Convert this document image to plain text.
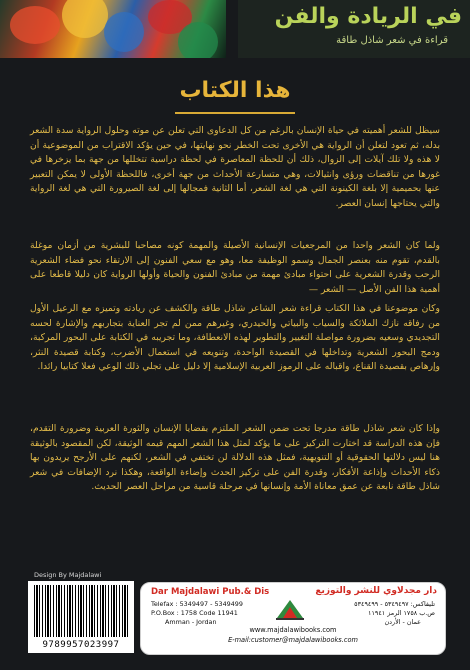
في الريادة والفن
قراءة في شعر شاذل طاقة
هذا الكتاب
سيظل للشعر أهميته في حياة الإنسان بالرغم من كل الدعاوى التي تعلن عن موته وحلول الرواية سدة الشعر بدله، ثم تعود لتعلن أن الرواية هي الأخرى تحت الخطر نحو نهايتها، في حين يؤكد الاقتراب من الموضوعية أن لا هذه ولا تلك آيلات إلى الزوال، ذلك أن للحظة المعاصرة في لحظة دراسية تتخللها من جهة بما يزخرها في غورها من تناقضات ورؤى وانثيالات، وهي متسارعة الأحداث من جهة أخرى، فاللحظة الأولى لا يمكن التعبير عنها بحميمية إلا بلغة الكينونة التي هي لغة الشعر، أما الثانية فمجالها إلى لغة الصيرورة التي هي لغة الرواية والتي يحتاجها إنسان العصر.
ولما كان الشعر واحدا من المرجعيات الإنسانية الأصيلة والمهمة كونه مصاحبا للبشرية من أزمان موغلة بالقدم، تقوم منه بعنصر الجمال وسمو الوظيفة معا، وهو مع سعي الفنون إلى الارتقاء نحو فضاء الشعرية الرحب وقدرة الشعرية على احتواء مبادئ مهمة من مبادئ الفنون والحياة وأولها الرواية كان دليلا قاطعا على أهمية هذا الفن الأصل — الشعر —
وكان موضوعنا في هذا الكتاب قراءة شعر الشاعر شاذل طاقة والكشف عن ريادته وتميزه مع الرعيل الأول من رفاقه نازك الملائكة والسياب والبياتي والحيدري، وغيرهم ممن لم تجر العناية بتجاربهم والإشارة لحسه التجديدي وسعيه بضرورة مواصلة التغيير والتطوير لهذه الانعطافة، وما تجريبه في الكتابة على البحور المركبة، ودمج البحور الشعرية وتداخلها في القصيدة الواحدة، وتنويعه في استعمال الأضرب، وكتابة قصيدة النثر، وإرهاص بقصيدة القناع، واقباله على الرموز العربية الإسلامية إلا دليل على تجلي ذلك الوعي فعلا كتابيا رائدا.
وإذا كان شعر شاذل طاقة مدرجا تحت ضمن الشعر الملتزم بقضايا الإنسان والثورة العربية وضرورة التقدم، فإن هذه الدراسة قد اختارت التركيز على ما يؤكد لمثل هذا الشعر المهم قيمه الوثيقة، لكن المقصود بالوثيقة هنا ليس دلالتها الحقوقية أو التنويهية، فمثل هذه الدلالة لن تختفي في الشعر، لكنهم على الأرجح يريدون بها ذكاء الأحداث وإذاعة الأفكار، وقدرة الفن على تركيز الحدث وإضاءة الواقعة، وهكذا نرد الإضافات في شعر شاذل طاقة نابعة عن عمق معاناة الأمة وإنسانها في مرحلة قاسية من مراحل العصر الحديث.
Design By Majdalawi
9789957023997
Dar Majdalawi Pub.& Dis	دار مجدلاوي للنشر والتوزيع
Telefax : 5349497 - 5349499
P.O.Box : 1758 Code 11941
Amman - Jordan
تليفاكس: ٥٣٤٩٤٩٧ - ٥٣٤٩٤٩٩
ص.ب ١٧٥٨ الرمز ١١٩٤١
عمان - الأردن
www.majdalawibooks.com
E-mail:customer@majdalawibooks.com
